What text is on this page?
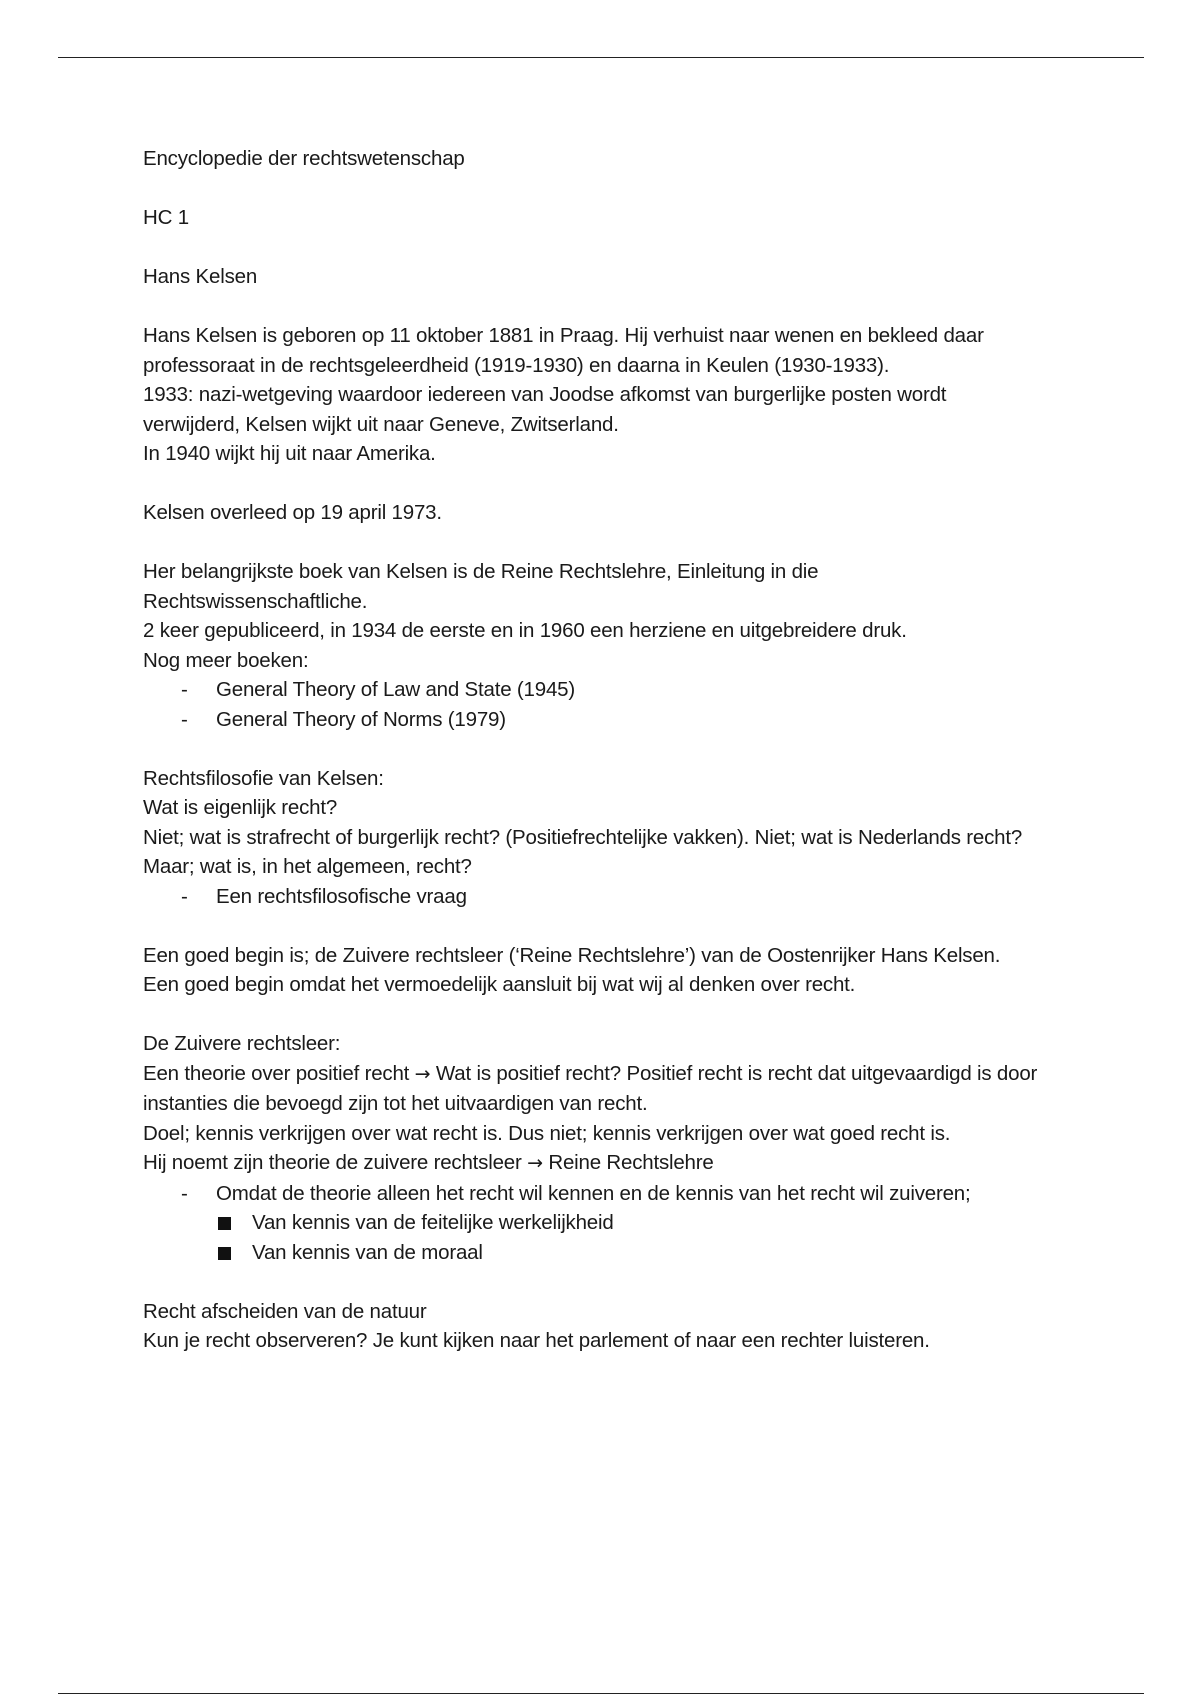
Encyclopedie der rechtswetenschap

HC 1

Hans Kelsen

Hans Kelsen is geboren op 11 oktober 1881 in Praag. Hij verhuist naar wenen en bekleed daar professoraat in de rechtsgeleerdheid (1919-1930) en daarna in Keulen (1930-1933).

1933: nazi-wetgeving waardoor iedereen van Joodse afkomst van burgerlijke posten wordt verwijderd, Kelsen wijkt uit naar Geneve, Zwitserland.

In 1940 wijkt hij uit naar Amerika.

Kelsen overleed op 19 april 1973.

Her belangrijkste boek van Kelsen is de Reine Rechtslehre, Einleitung in die Rechtswissenschaftliche.

2 keer gepubliceerd, in 1934 de eerste en in 1960 een herziene en uitgebreidere druk.

Nog meer boeken:

- General Theory of Law and State (1945)
- General Theory of Norms (1979)

Rechtsfilosofie van Kelsen:

Wat is eigenlijk recht?

Niet; wat is strafrecht of burgerlijk recht? (Positiefrechtelijke vakken). Niet; wat is Nederlands recht?

Maar; wat is, in het algemeen, recht?

- Een rechtsfilosofische vraag

Een goed begin is; de Zuivere rechtsleer (‘Reine Rechtslehre’) van de Oostenrijker Hans Kelsen.

Een goed begin omdat het vermoedelijk aansluit bij wat wij al denken over recht.

De Zuivere rechtsleer:

Een theorie over positief recht → Wat is positief recht? Positief recht is recht dat uitgevaardigd is door instanties die bevoegd zijn tot het uitvaardigen van recht.

Doel; kennis verkrijgen over wat recht is. Dus niet; kennis verkrijgen over wat goed recht is.

Hij noemt zijn theorie de zuivere rechtsleer → Reine Rechtslehre

- Omdat de theorie alleen het recht wil kennen en de kennis van het recht wil zuiveren;
Van kennis van de feitelijke werkelijkheid
Van kennis van de moraal

Recht afscheiden van de natuur

Kun je recht observeren? Je kunt kijken naar het parlement of naar een rechter luisteren.
